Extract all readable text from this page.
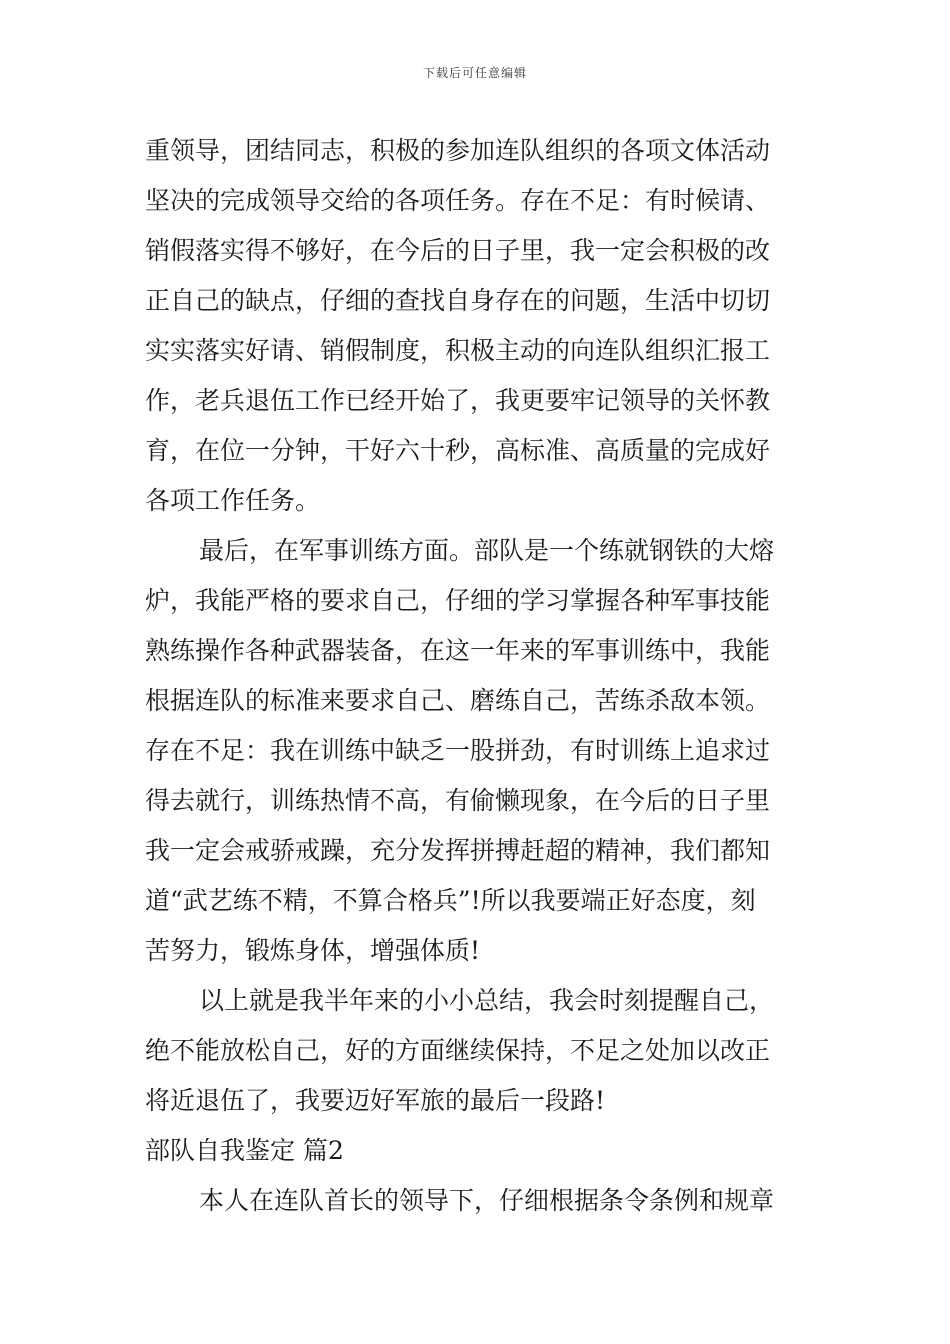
下载后可任意编辑
重领导，团结同志，积极的参加连队组织的各项文体活动
坚决的完成领导交给的各项任务。存在不足：有时候请、
销假落实得不够好，在今后的日子里，我一定会积极的改
正自己的缺点，仔细的查找自身存在的问题，生活中切切
实实落实好请、销假制度，积极主动的向连队组织汇报工
作，老兵退伍工作已经开始了，我更要牢记领导的关怀教
育，在位一分钟，干好六十秒，高标准、高质量的完成好
各项工作任务。
最后，在军事训练方面。部队是一个练就钢铁的大熔
炉，我能严格的要求自己，仔细的学习掌握各种军事技能
熟练操作各种武器装备，在这一年来的军事训练中，我能
根据连队的标准来要求自己、磨练自己，苦练杀敌本领。
存在不足：我在训练中缺乏一股拼劲，有时训练上追求过
得去就行，训练热情不高，有偷懒现象，在今后的日子里
我一定会戒骄戒躁，充分发挥拼搏赶超的精神，我们都知
道“武艺练不精，不算合格兵”!所以我要端正好态度，刻
苦努力，锻炼身体，增强体质!
以上就是我半年来的小小总结，我会时刻提醒自己，
绝不能放松自己，好的方面继续保持，不足之处加以改正
将近退伍了，我要迈好军旅的最后一段路!
部队自我鉴定 篇2
本人在连队首长的领导下，仔细根据条令条例和规章
